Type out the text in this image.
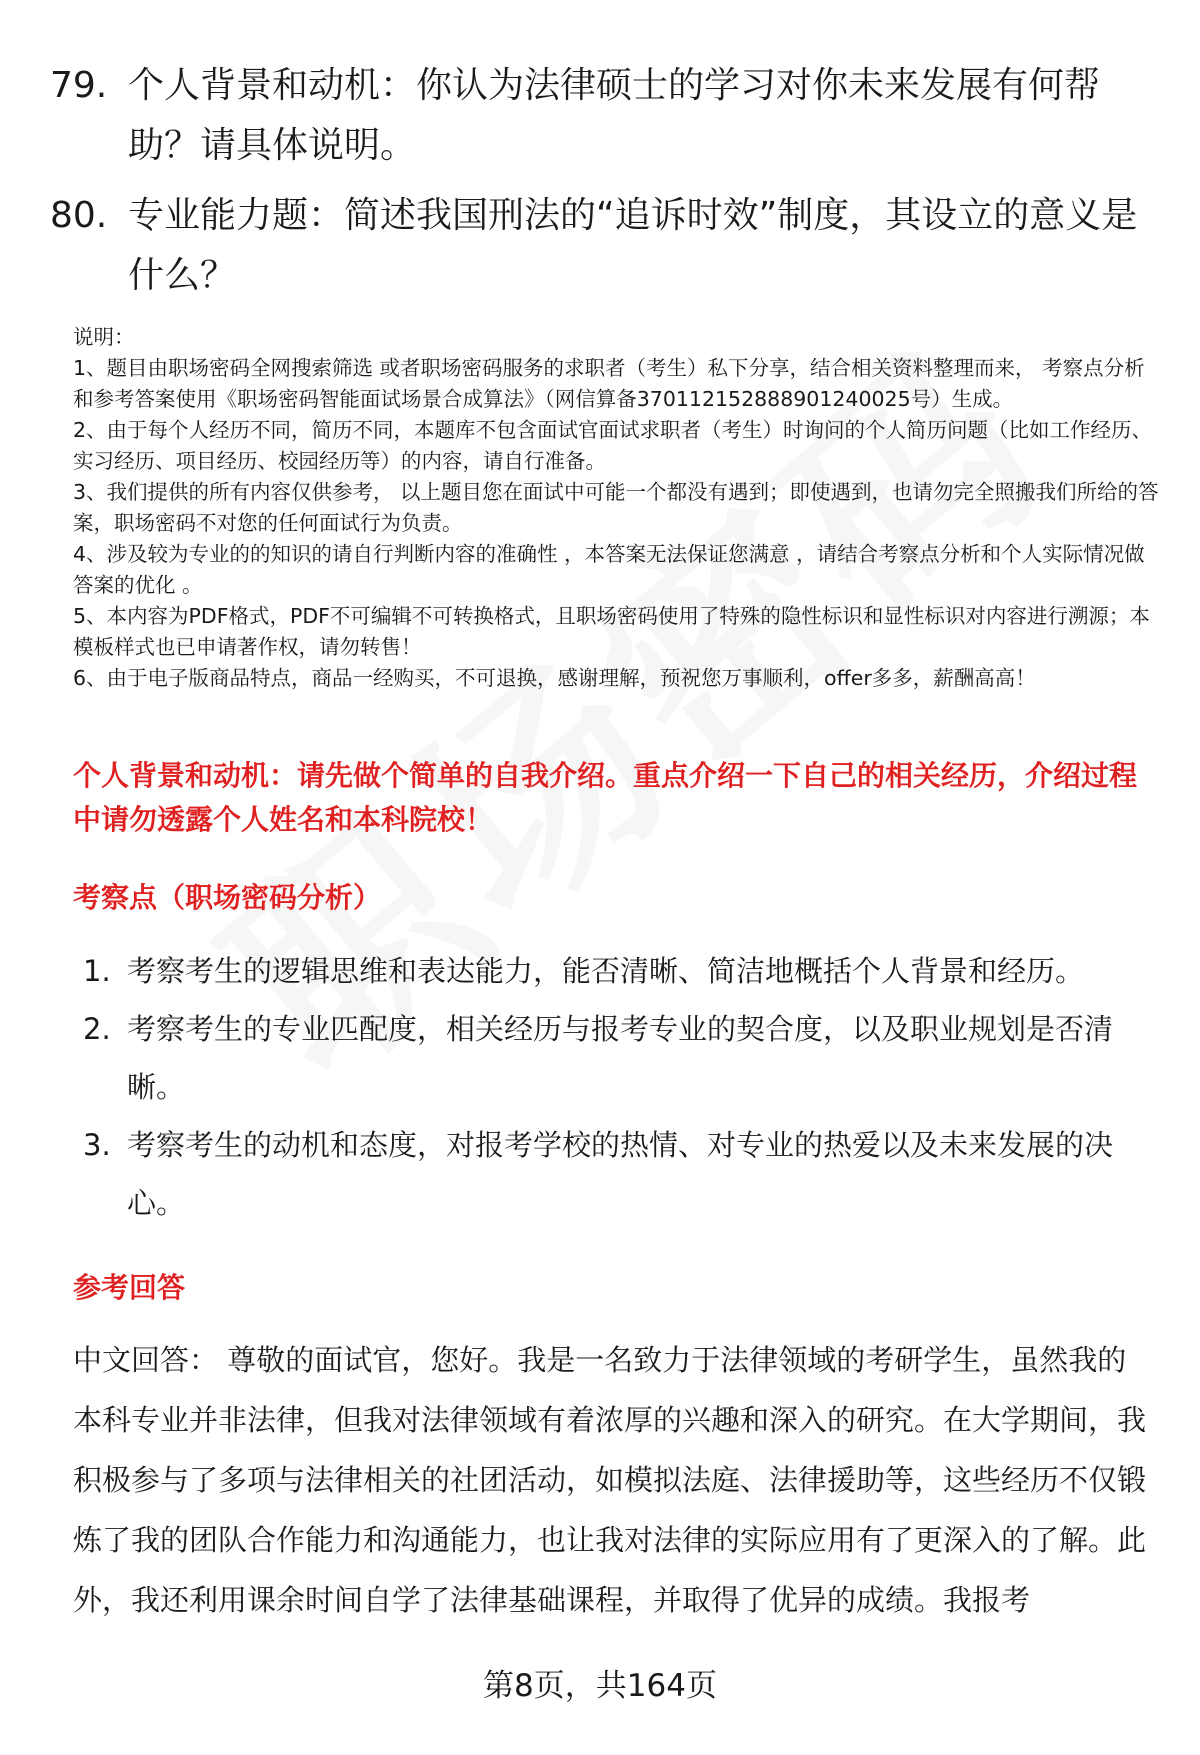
79. 个人背景和动机：你认为法律硕士的学习对你未来发展有何帮助？请具体说明。
80. 专业能力题：简述我国刑法的“追诉时效”制度，其设立的意义是什么？

说明：

1、题目由职场密码全网搜索筛选 或者职场密码服务的求职者（考生）私下分享，结合相关资料整理而来， 考察点分析和参考答案使用《职场密码智能面试场景合成算法》（网信算备370112152888901240025号）生成。

2、由于每个人经历不同，简历不同，本题库不包含面试官面试求职者（考生）时询问的个人简历问题（比如工作经历、实习经历、项目经历、校园经历等）的内容，请自行准备。

3、我们提供的所有内容仅供参考， 以上题目您在面试中可能一个都没有遇到；即使遇到，也请勿完全照搬我们所给的答案，职场密码不对您的任何面试行为负责。

4、涉及较为专业的的知识的请自行判断内容的准确性 ，本答案无法保证您满意 ，请结合考察点分析和个人实际情况做答案的优化 。

5、本内容为PDF格式，PDF不可编辑不可转换格式，且职场密码使用了特殊的隐性标识和显性标识对内容进行溯源；本模板样式也已申请著作权，请勿转售！

6、由于电子版商品特点，商品一经购买，不可退换，感谢理解，预祝您万事顺利，offer多多，薪酬高高！

个人背景和动机：请先做个简单的自我介绍。重点介绍一下自己的相关经历，介绍过程中请勿透露个人姓名和本科院校！
考察点（职场密码分析）
1. 考察考生的逻辑思维和表达能力，能否清晰、简洁地概括个人背景和经历。
2. 考察考生的专业匹配度，相关经历与报考专业的契合度，以及职业规划是否清晰。
3. 考察考生的动机和态度，对报考学校的热情、对专业的热爱以及未来发展的决心。
参考回答
中文回答： 尊敬的面试官，您好。我是一名致力于法律领域的考研学生，虽然我的本科专业并非法律，但我对法律领域有着浓厚的兴趣和深入的研究。在大学期间，我积极参与了多项与法律相关的社团活动，如模拟法庭、法律援助等，这些经历不仅锻炼了我的团队合作能力和沟通能力，也让我对法律的实际应用有了更深入的了解。此外，我还利用课余时间自学了法律基础课程，并取得了优异的成绩。我报考
第8页，共164页
